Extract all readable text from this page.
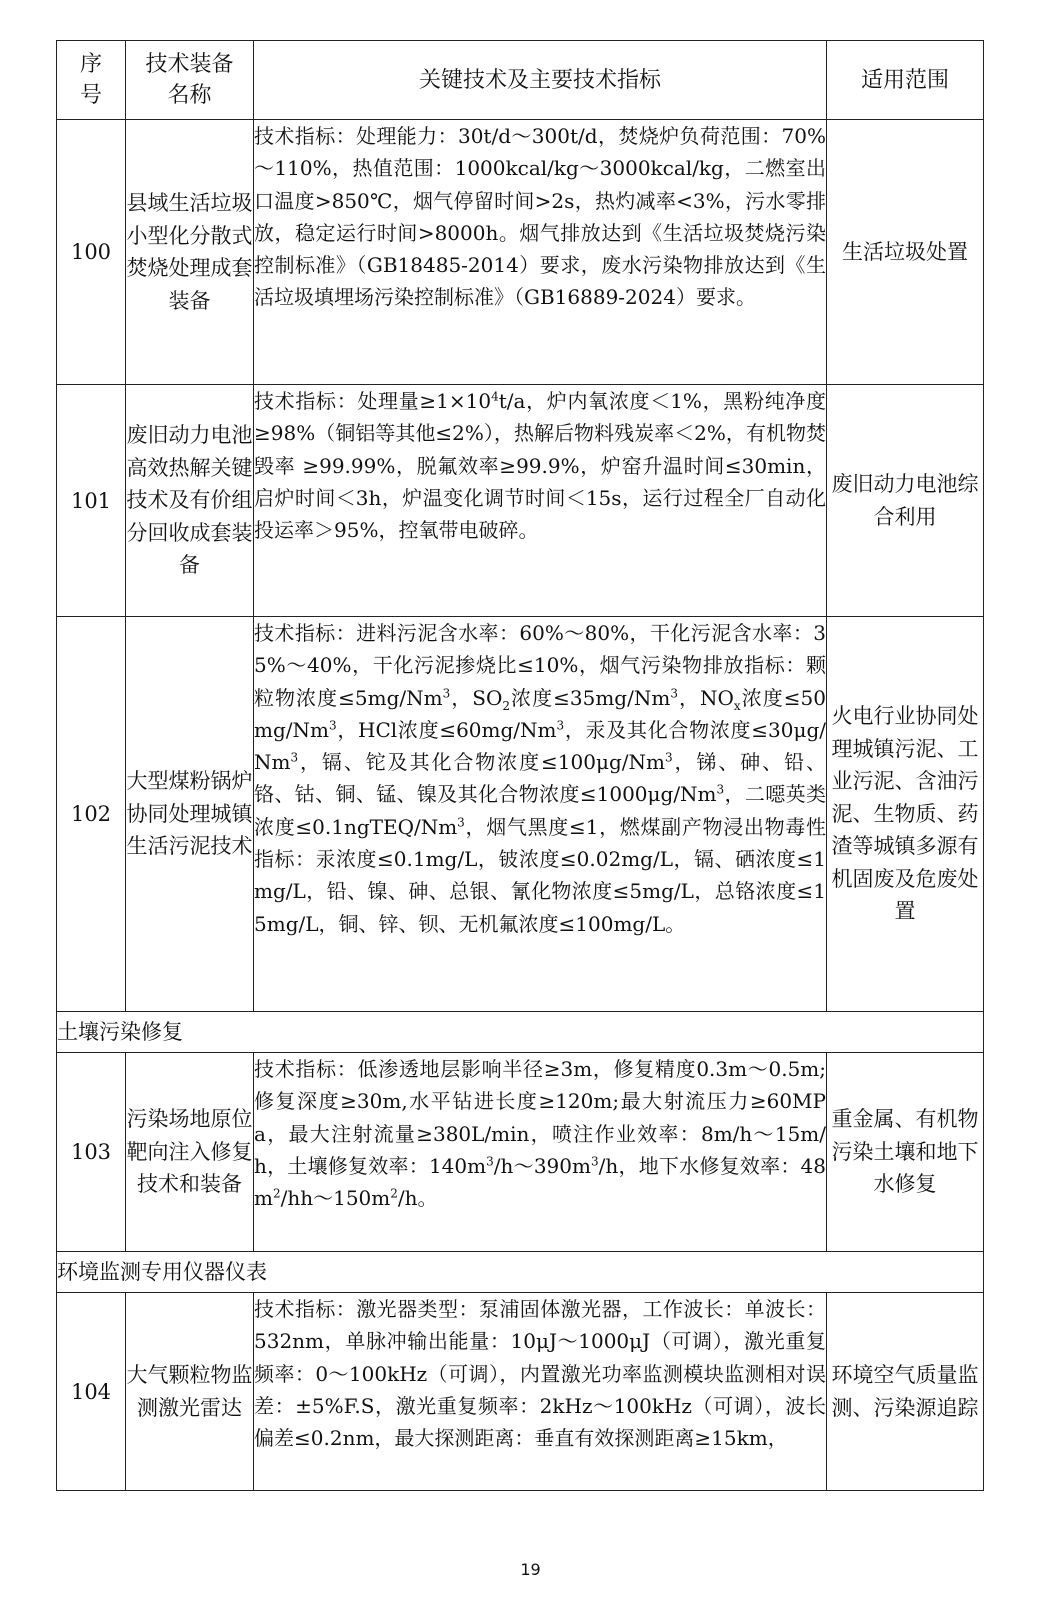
序号	技术装备名称	关键技术及主要技术指标	适用范围
100	县域生活垃圾小型化分散式焚烧处理成套装备	技术指标：处理能力：30t/d～300t/d，焚烧炉负荷范围：70%～110%，热值范围：1000kcal/kg～3000kcal/kg，二燃室出口温度>850℃，烟气停留时间>2s，热灼减率<3%，污水零排放，稳定运行时间>8000h。烟气排放达到《生活垃圾焚烧污染控制标准》（GB18485-2014）要求，废水污染物排放达到《生活垃圾填埋场污染控制标准》（GB16889-2024）要求。	生活垃圾处置
101	废旧动力电池高效热解关键技术及有价组分回收成套装备	技术指标：处理量$\ge 1\times 10^4t/a$，炉内氧浓度＜1%，黑粉纯净度≥98%（铜铝等其他≤2%），热解后物料残炭率＜2%，有机物焚毁率 ≥99.99%，脱氟效率≥99.9%，炉窑升温时间≤30min，启炉时间＜3h，炉温变化调节时间＜15s，运行过程全厂自动化投运率＞95%，控氧带电破碎。	废旧动力电池综合利用
102	大型煤粉锅炉协同处理城镇生活污泥技术	技术指标：进料污泥含水率：60%～80%，干化污泥含水率：35%～40%，干化污泥掺烧比≤10%，烟气污染物排放指标：颗粒物浓度$\le 5mg/Nm^3$，$SO_2$浓度$\le 35mg/Nm^3$，$NO_x$浓度$\le 50mg/Nm^3$，HCl浓度$\le 60mg/Nm^3$，汞及其化合物浓度$\le 30\mu g/Nm^3$，镉、铊及其化合物浓度$\le 100\mu g/Nm^3$，锑、砷、铅、铬、钴、铜、锰、镍及其化合物浓度$\le 1000\mu g/Nm^3$，二噁英类浓度$\le 0.1ngTEQ/Nm^3$，烟气黑度≤1，燃煤副产物浸出物毒性指标：汞浓度≤0.1mg/L，铍浓度≤0.02mg/L，镉、硒浓度≤1mg/L，铅、镍、砷、总银、氰化物浓度≤5mg/L，总铬浓度≤15mg/L，铜、锌、钡、无机氟浓度≤100mg/L。	火电行业协同处理城镇污泥、工业污泥、含油污泥、生物质、药渣等城镇多源有机固废及危废处置
土壤污染修复			
103	污染场地原位靶向注入修复技术和装备	技术指标：低渗透地层影响半径≥3m，修复精度0.3m～0.5m;修复深度≥30m,水平钻进长度≥120m;最大射流压力≥60MPa，最大注射流量≥380L/min，喷注作业效率：8m/h～15m/h，土壤修复效率：$140m^3/h\sim 390m^3/h$，地下水修复效率：$48m^2/hh\sim 150m^2/h$。	重金属、有机物污染土壤和地下水修复
环境监测专用仪器仪表			
104	大气颗粒物监测激光雷达	技术指标：激光器类型：泵浦固体激光器，工作波长：单波长：532nm，单脉冲输出能量：10μJ～1000μJ（可调），激光重复频率：0～100kHz（可调），内置激光功率监测模块监测相对误差：±5%F.S，激光重复频率：2kHz～100kHz（可调），波长偏差≤0.2nm，最大探测距离：垂直有效探测距离≥15km，	环境空气质量监测、污染源追踪
19
